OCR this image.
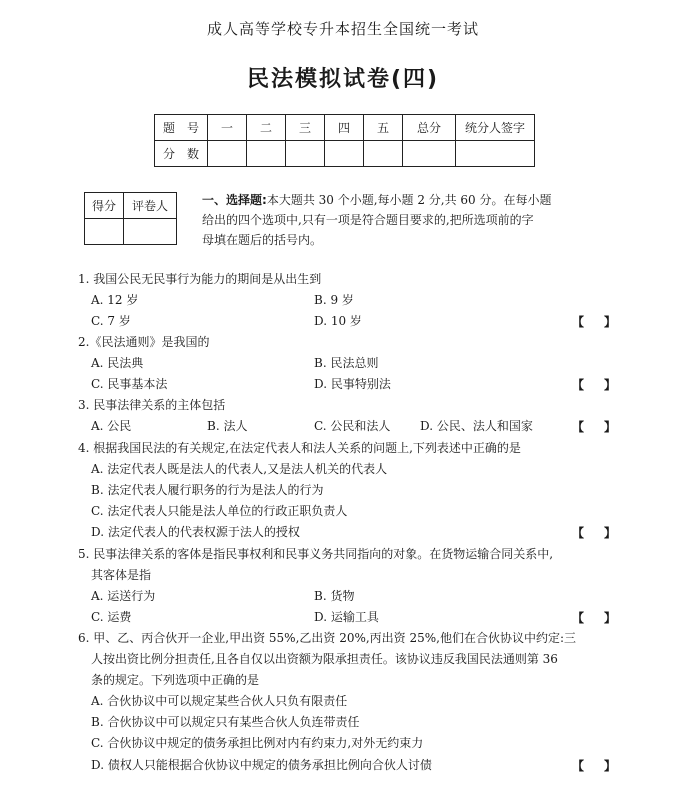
成人高等学校专升本招生全国统一考试
民法模拟试卷(四)
题　号	一	二	三	四	五	总分	统分人签字
分　数							
得分	评卷人
		一、选择题:本大题共 30 个小题,每小题 2 分,共 60 分。在每小题
给出的四个选项中,只有一项是符合题目要求的,把所选项前的字
母填在题后的括号内。
1. 我国公民无民事行为能力的期间是从出生到
A. 12 岁	B. 9 岁
C. 7 岁	D. 10 岁	【 】
2.《民法通则》是我国的
A. 民法典	B. 民法总则
C. 民事基本法	D. 民事特别法	【 】
3. 民事法律关系的主体包括
A. 公民	B. 法人	C. 公民和法人 D. 公民、法人和国家	【 】
4. 根据我国民法的有关规定,在法定代表人和法人关系的问题上,下列表述中正确的是
A. 法定代表人既是法人的代表人,又是法人机关的代表人
B. 法定代表人履行职务的行为是法人的行为
C. 法定代表人只能是法人单位的行政正职负责人
D. 法定代表人的代表权源于法人的授权	【 】
5. 民事法律关系的客体是指民事权利和民事义务共同指向的对象。在货物运输合同关系中,
其客体是指
A. 运送行为	B. 货物
C. 运费	D. 运输工具	【 】
6. 甲、乙、丙合伙开一企业,甲出资 55%,乙出资 20%,丙出资 25%,他们在合伙协议中约定:三
人按出资比例分担责任,且各自仅以出资额为限承担责任。该协议违反我国民法通则第 36
条的规定。下列选项中正确的是
A. 合伙协议中可以规定某些合伙人只负有限责任
B. 合伙协议中可以规定只有某些合伙人负连带责任
C. 合伙协议中规定的债务承担比例对内有约束力,对外无约束力
D. 债权人只能根据合伙协议中规定的债务承担比例向合伙人讨债	【 】
